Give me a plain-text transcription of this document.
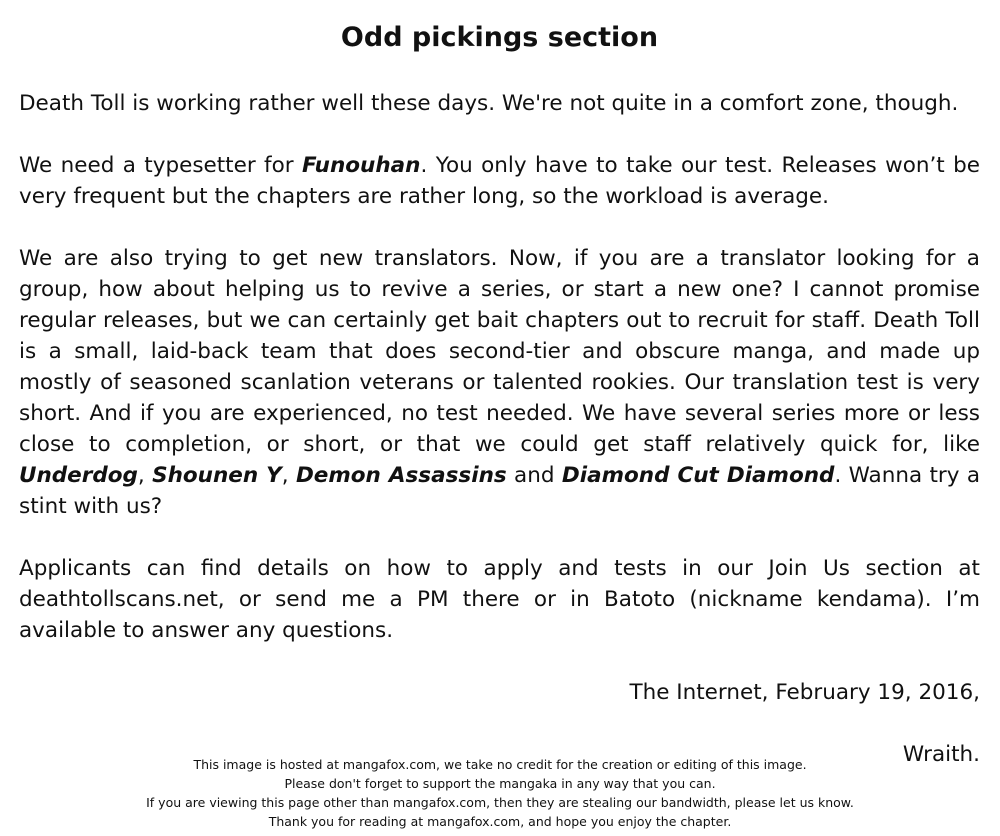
Odd pickings section

Death Toll is working rather well these days. We're not quite in a comfort zone, though.

We need a typesetter for Funouhan. You only have to take our test. Releases won’t be very frequent but the chapters are rather long, so the workload is average.

We are also trying to get new translators. Now, if you are a translator looking for a group, how about helping us to revive a series, or start a new one? I cannot promise regular releases, but we can certainly get bait chapters out to recruit for staff. Death Toll is a small, laid-back team that does second-tier and obscure manga, and made up mostly of seasoned scanlation veterans or talented rookies. Our translation test is very short. And if you are experienced, no test needed. We have several series more or less close to completion, or short, or that we could get staff relatively quick for, like Underdog, Shounen Y, Demon Assassins and Diamond Cut Diamond. Wanna try a stint with us?

Applicants can find details on how to apply and tests in our Join Us section at deathtollscans.net, or send me a PM there or in Batoto (nickname kendama). I’m available to answer any questions.

The Internet, February 19, 2016,
Wraith.
This image is hosted at mangafox.com, we take no credit for the creation or editing of this image.
Please don't forget to support the mangaka in any way that you can.
If you are viewing this page other than mangafox.com, then they are stealing our bandwidth, please let us know.
Thank you for reading at mangafox.com, and hope you enjoy the chapter.
